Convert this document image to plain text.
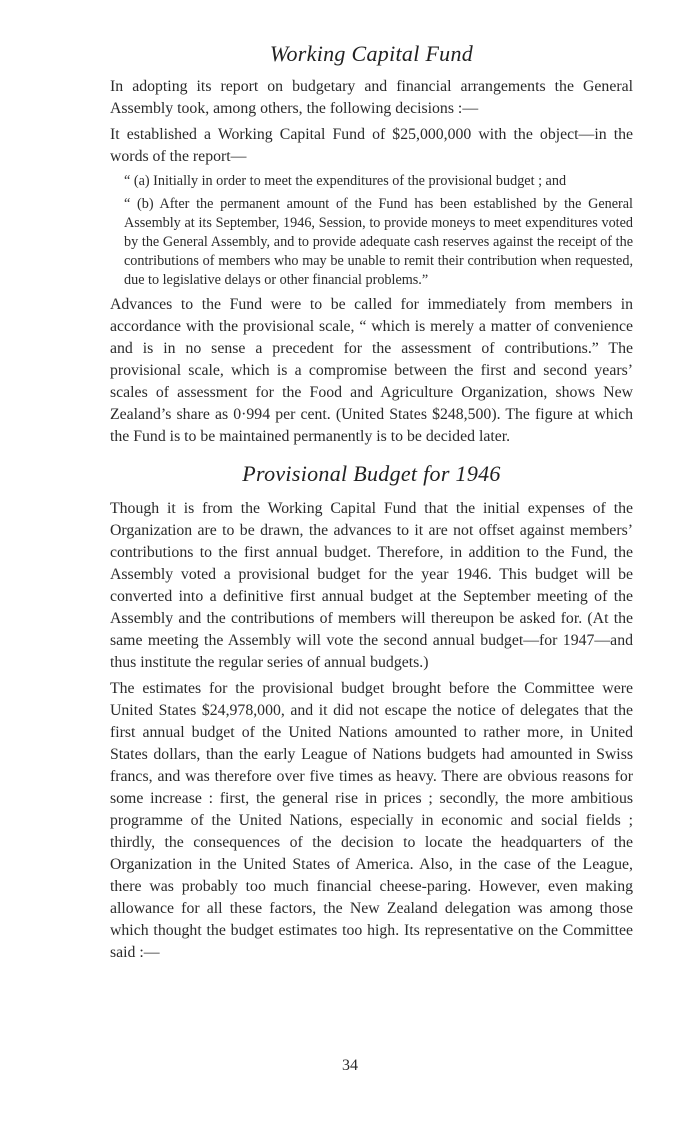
Working Capital Fund

In adopting its report on budgetary and financial arrangements the General Assembly took, among others, the following decisions :—

It established a Working Capital Fund of $25,000,000 with the object—in the words of the report—

“ (a) Initially in order to meet the expenditures of the provisional budget ; and

“ (b) After the permanent amount of the Fund has been established by the General Assembly at its September, 1946, Session, to provide moneys to meet expenditures voted by the General Assembly, and to provide adequate cash reserves against the receipt of the contributions of members who may be unable to remit their contribution when requested, due to legislative delays or other financial problems.”

Advances to the Fund were to be called for immediately from members in accordance with the provisional scale, “ which is merely a matter of convenience and is in no sense a precedent for the assessment of contributions.” The provisional scale, which is a compromise between the first and second years’ scales of assessment for the Food and Agriculture Organization, shows New Zealand’s share as 0·994 per cent. (United States $248,500). The figure at which the Fund is to be maintained permanently is to be decided later.

Provisional Budget for 1946

Though it is from the Working Capital Fund that the initial expenses of the Organization are to be drawn, the advances to it are not offset against members’ contributions to the first annual budget. Therefore, in addition to the Fund, the Assembly voted a provisional budget for the year 1946. This budget will be converted into a definitive first annual budget at the September meeting of the Assembly and the contributions of members will thereupon be asked for. (At the same meeting the Assembly will vote the second annual budget—for 1947—and thus institute the regular series of annual budgets.)

The estimates for the provisional budget brought before the Committee were United States $24,978,000, and it did not escape the notice of delegates that the first annual budget of the United Nations amounted to rather more, in United States dollars, than the early League of Nations budgets had amounted in Swiss francs, and was therefore over five times as heavy. There are obvious reasons for some increase : first, the general rise in prices ; secondly, the more ambitious programme of the United Nations, especially in economic and social fields ; thirdly, the consequences of the decision to locate the headquarters of the Organization in the United States of America. Also, in the case of the League, there was probably too much financial cheese-paring. However, even making allowance for all these factors, the New Zealand delegation was among those which thought the budget estimates too high. Its representative on the Committee said :—

34
